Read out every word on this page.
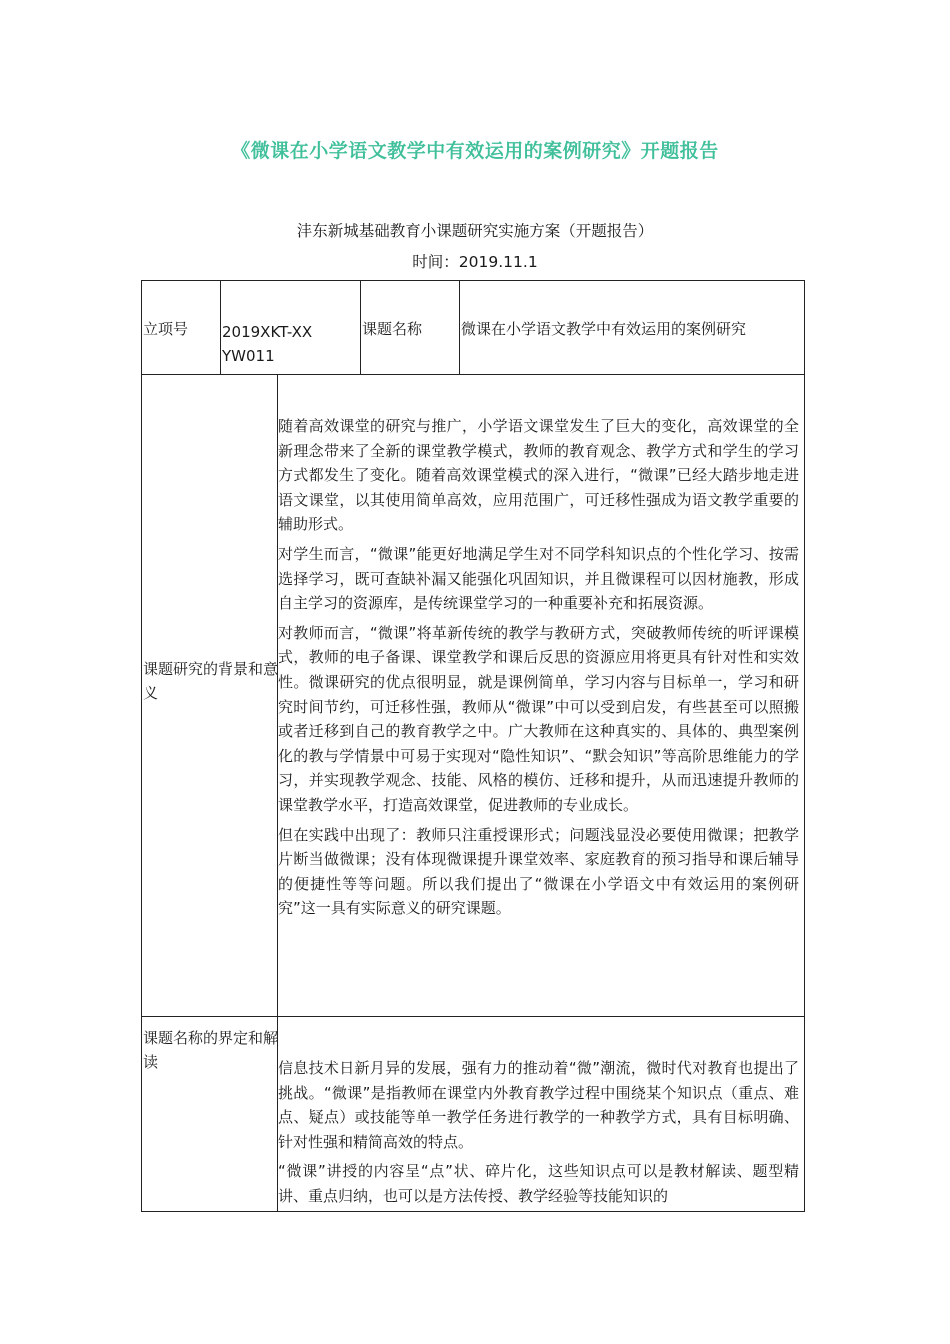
《微课在小学语文教学中有效运用的案例研究》开题报告
沣东新城基础教育小课题研究实施方案（开题报告）
时间：2019.11.1
立项号 2019XKT-XXYW011
课题名称	微课在小学语文教学中有效运用的案例研究
课题研究的背景和意义

随着高效课堂的研究与推广，小学语文课堂发生了巨大的变化，高效课堂的全新理念带来了全新的课堂教学模式，教师的教育观念、教学方式和学生的学习方式都发生了变化。随着高效课堂模式的深入进行，“微课”已经大踏步地走进语文课堂，以其使用简单高效，应用范围广，可迁移性强成为语文教学重要的辅助形式。

对学生而言，“微课”能更好地满足学生对不同学科知识点的个性化学习、按需选择学习，既可查缺补漏又能强化巩固知识，并且微课程可以因材施教，形成自主学习的资源库，是传统课堂学习的一种重要补充和拓展资源。

对教师而言，“微课”将革新传统的教学与教研方式，突破教师传统的听评课模式，教师的电子备课、课堂教学和课后反思的资源应用将更具有针对性和实效性。微课研究的优点很明显，就是课例简单，学习内容与目标单一，学习和研究时间节约，可迁移性强，教师从“微课”中可以受到启发，有些甚至可以照搬或者迁移到自己的教育教学之中。广大教师在这种真实的、具体的、典型案例化的教与学情景中可易于实现对“隐性知识”、“默会知识”等高阶思维能力的学习，并实现教学观念、技能、风格的模仿、迁移和提升，从而迅速提升教师的课堂教学水平，打造高效课堂，促进教师的专业成长。

但在实践中出现了：教师只注重授课形式；问题浅显没必要使用微课；把教学片断当做微课；没有体现微课提升课堂效率、家庭教育的预习指导和课后辅导的便捷性等等问题。所以我们提出了“微课在小学语文中有效运用的案例研究”这一具有实际意义的研究课题。

课题名称的界定和解读	信息技术日新月异的发展，强有力的推动着“微”潮流，微时代对教育也提出了挑战。“微课”是指教师在课堂内外教育教学过程中围绕某个知识点（重点、难点、疑点）或技能等单一教学任务进行教学的一种教学方式，具有目标明确、针对性强和精简高效的特点。

“微课”讲授的内容呈“点”状、碎片化，这些知识点可以是教材解读、题型精讲、重点归纳，也可以是方法传授、教学经验等技能知识的
